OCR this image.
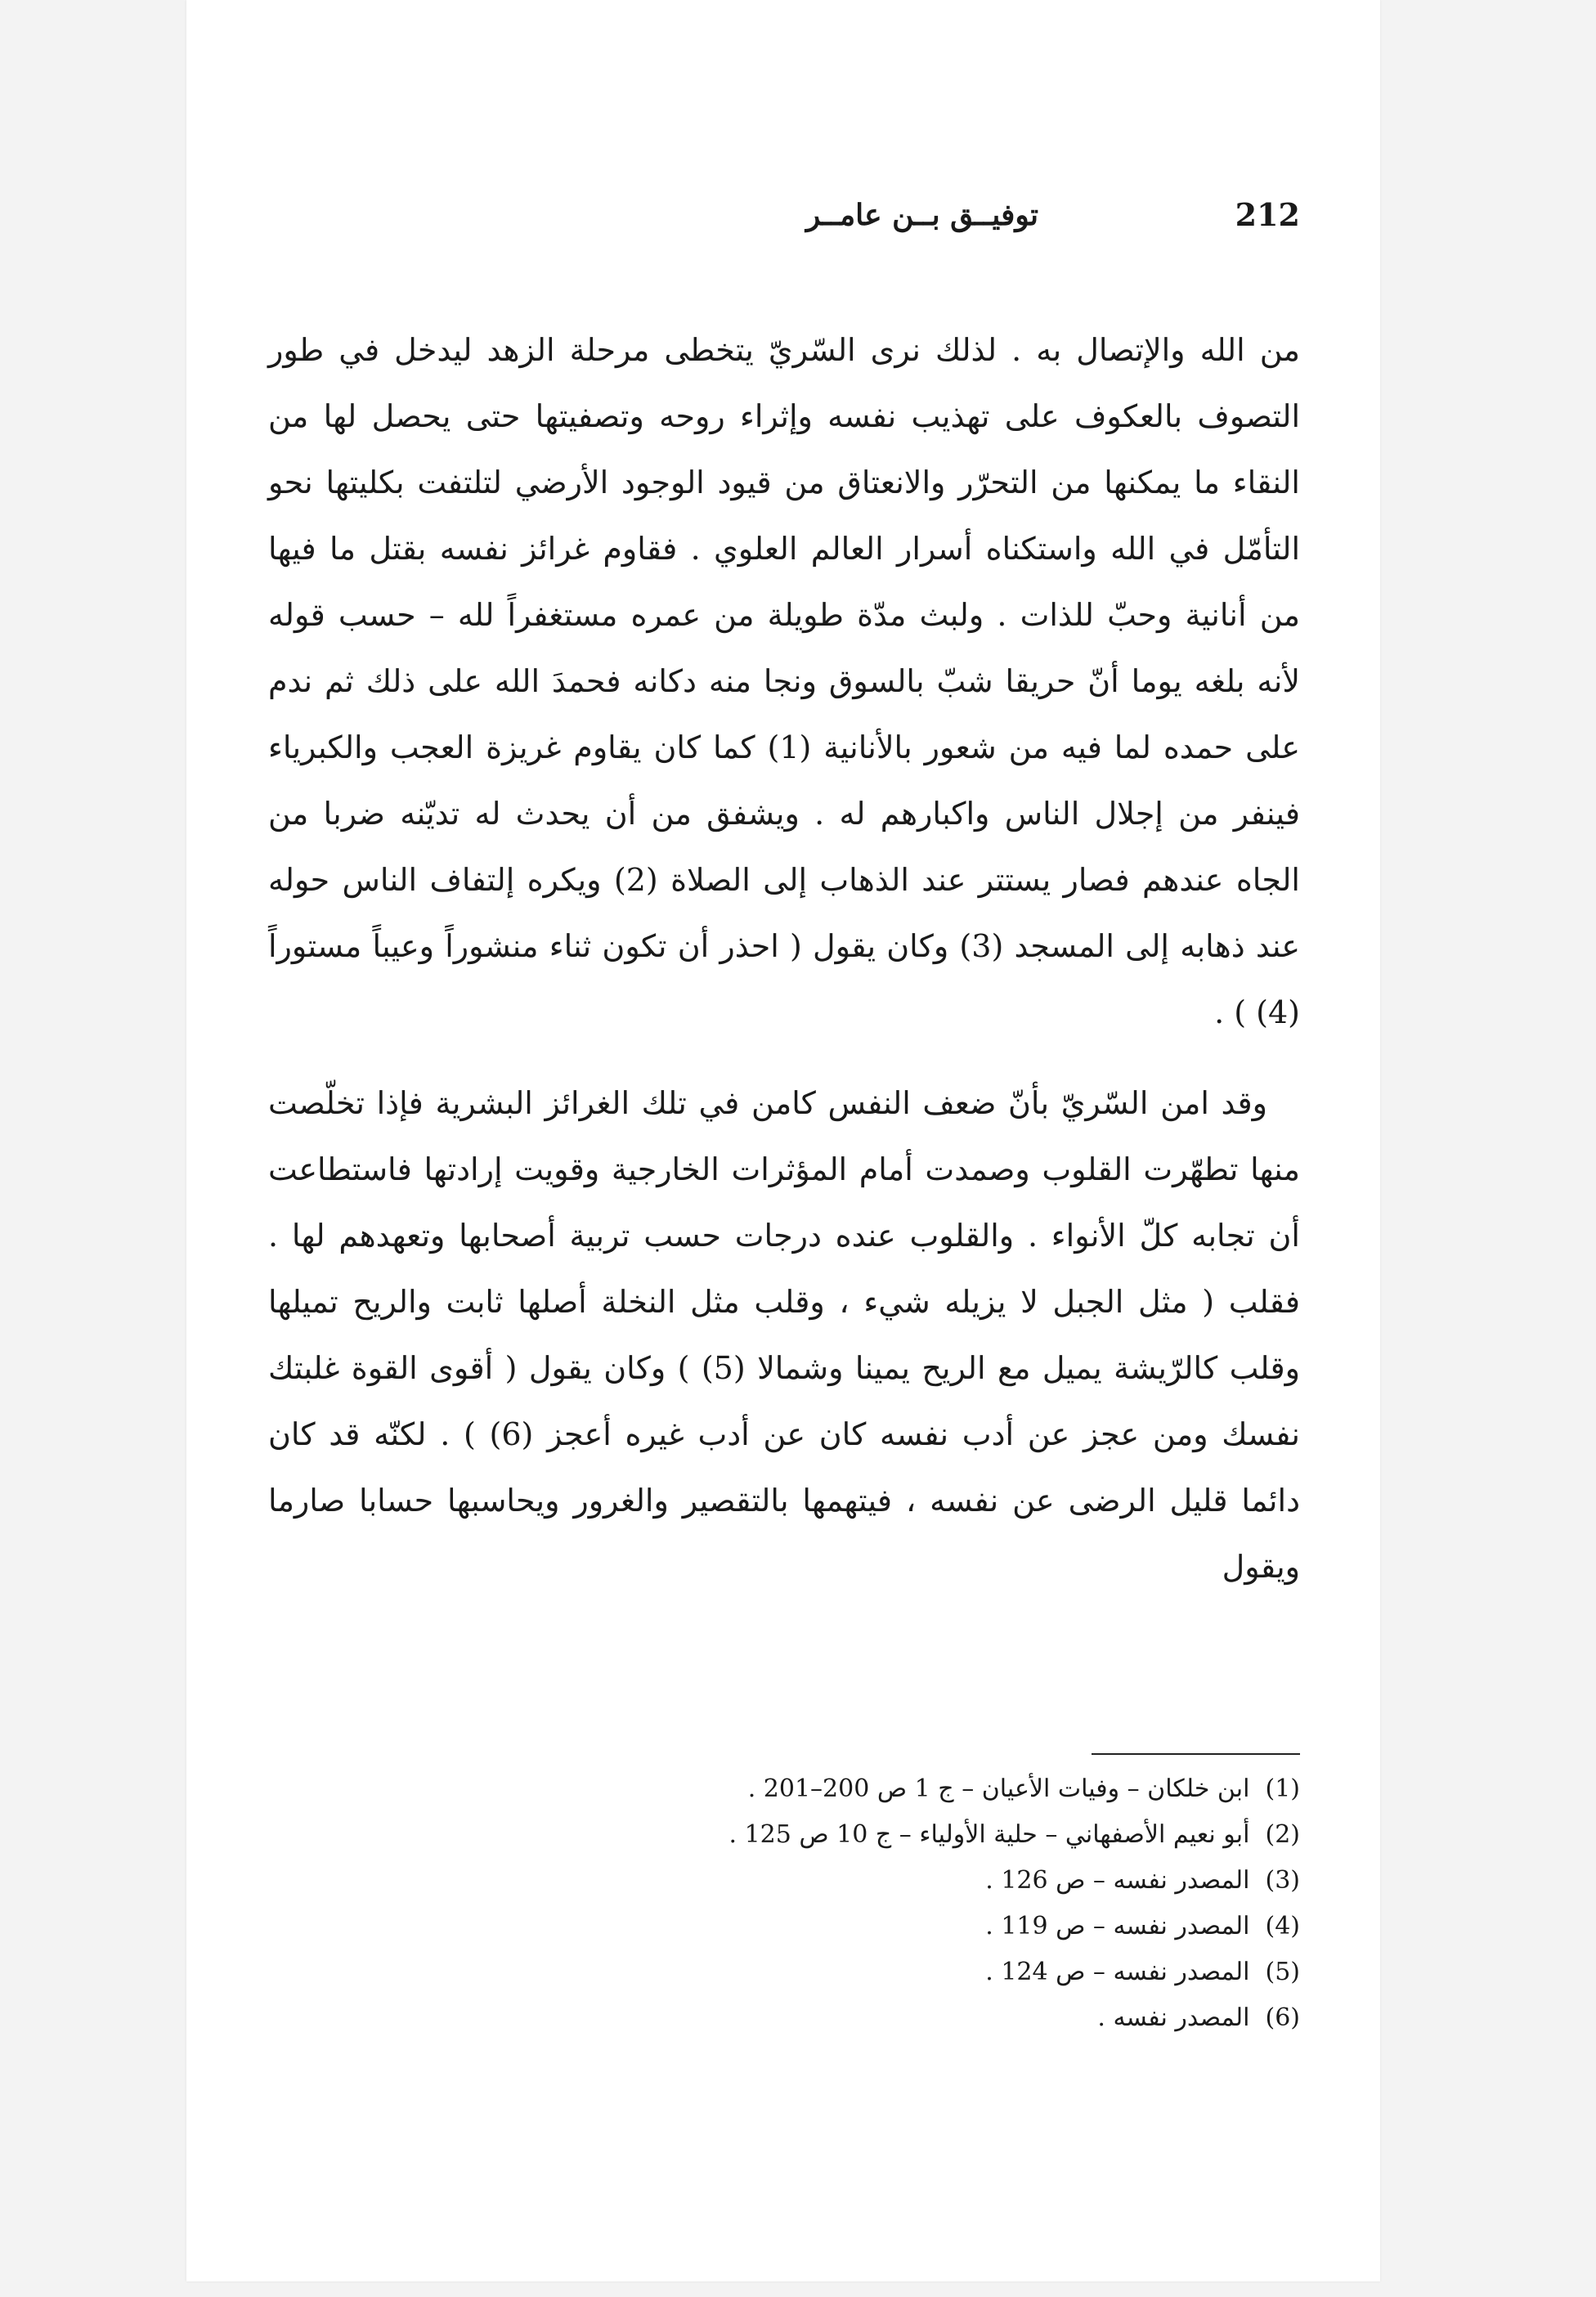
212
توفيــق بــن عامــر

من الله والإتصال به . لذلك نرى السّريّ يتخطى مرحلة الزهد ليدخل في طور التصوف بالعكوف على تهذيب نفسه وإثراء روحه وتصفيتها حتى يحصل لها من النقاء ما يمكنها من التحرّر والانعتاق من قيود الوجود الأرضي لتلتفت بكليتها نحو التأمّل في الله واستكناه أسرار العالم العلوي . فقاوم غرائز نفسه بقتل ما فيها من أنانية وحبّ للذات . ولبث مدّة طويلة من عمره مستغفراً لله – حسب قوله لأنه بلغه يوما أنّ حريقا شبّ بالسوق ونجا منه دكانه فحمدَ الله على ذلك ثم ندم على حمده لما فيه من شعور بالأنانية (1) كما كان يقاوم غريزة العجب والكبرياء فينفر من إجلال الناس واكبارهم له . ويشفق من أن يحدث له تديّنه ضربا من الجاه عندهم فصار يستتر عند الذهاب إلى الصلاة (2) ويكره إلتفاف الناس حوله عند ذهابه إلى المسجد (3) وكان يقول ( احذر أن تكون ثناء منشوراً وعيباً مستوراً (4) ) .

وقد امن السّريّ بأنّ ضعف النفس كامن في تلك الغرائز البشرية فإذا تخلّصت منها تطهّرت القلوب وصمدت أمام المؤثرات الخارجية وقويت إرادتها فاستطاعت أن تجابه كلّ الأنواء . والقلوب عنده درجات حسب تربية أصحابها وتعهدهم لها . فقلب ( مثل الجبل لا يزيله شيء ، وقلب مثل النخلة أصلها ثابت والريح تميلها وقلب كالرّيشة يميل مع الريح يمينا وشمالا (5) ) وكان يقول ( أقوى القوة غلبتك نفسك ومن عجز عن أدب نفسه كان عن أدب غيره أعجز (6) ) . لكنّه قد كان دائما قليل الرضى عن نفسه ، فيتهمها بالتقصير والغرور ويحاسبها حسابا صارما ويقول

(1) ابن خلكان – وفيات الأعيان – ج 1 ص 200–201 .
(2) أبو نعيم الأصفهاني – حلية الأولياء – ج 10 ص 125 .
(3) المصدر نفسه – ص 126 .
(4) المصدر نفسه – ص 119 .
(5) المصدر نفسه – ص 124 .
(6) المصدر نفسه .
